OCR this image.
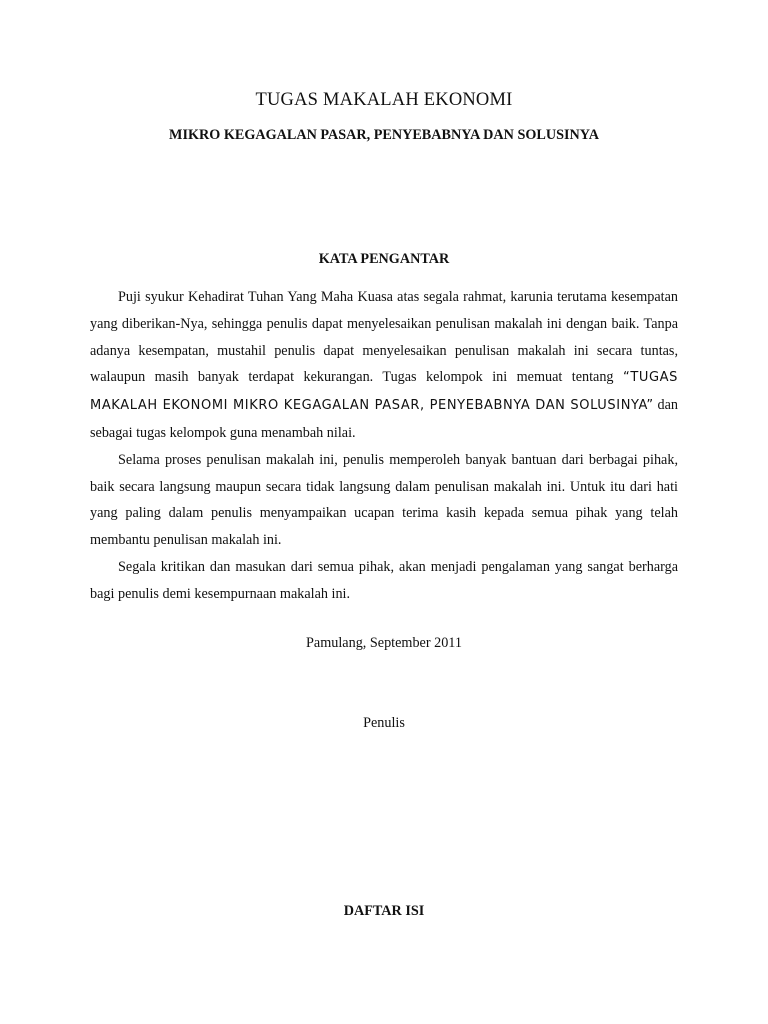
TUGAS MAKALAH EKONOMI
MIKRO KEGAGALAN PASAR, PENYEBABNYA DAN SOLUSINYA
KATA PENGANTAR

Puji syukur Kehadirat Tuhan Yang Maha Kuasa atas segala rahmat, karunia terutama kesempatan yang diberikan-Nya, sehingga penulis dapat menyelesaikan penulisan makalah ini dengan baik. Tanpa adanya kesempatan, mustahil penulis dapat menyelesaikan penulisan makalah ini secara tuntas, walaupun masih banyak terdapat kekurangan. Tugas kelompok ini memuat tentang “TUGAS MAKALAH EKONOMI MIKRO KEGAGALAN PASAR, PENYEBABNYA DAN SOLUSINYA” dan sebagai tugas kelompok guna menambah nilai.

Selama proses penulisan makalah ini, penulis memperoleh banyak bantuan dari berbagai pihak, baik secara langsung maupun secara tidak langsung dalam penulisan makalah ini. Untuk itu dari hati yang paling dalam penulis menyampaikan ucapan terima kasih kepada semua pihak yang telah membantu penulisan makalah ini.

Segala kritikan dan masukan dari semua pihak, akan menjadi pengalaman yang sangat berharga bagi penulis demi kesempurnaan makalah ini.

Pamulang, September 2011

Penulis

DAFTAR ISI
